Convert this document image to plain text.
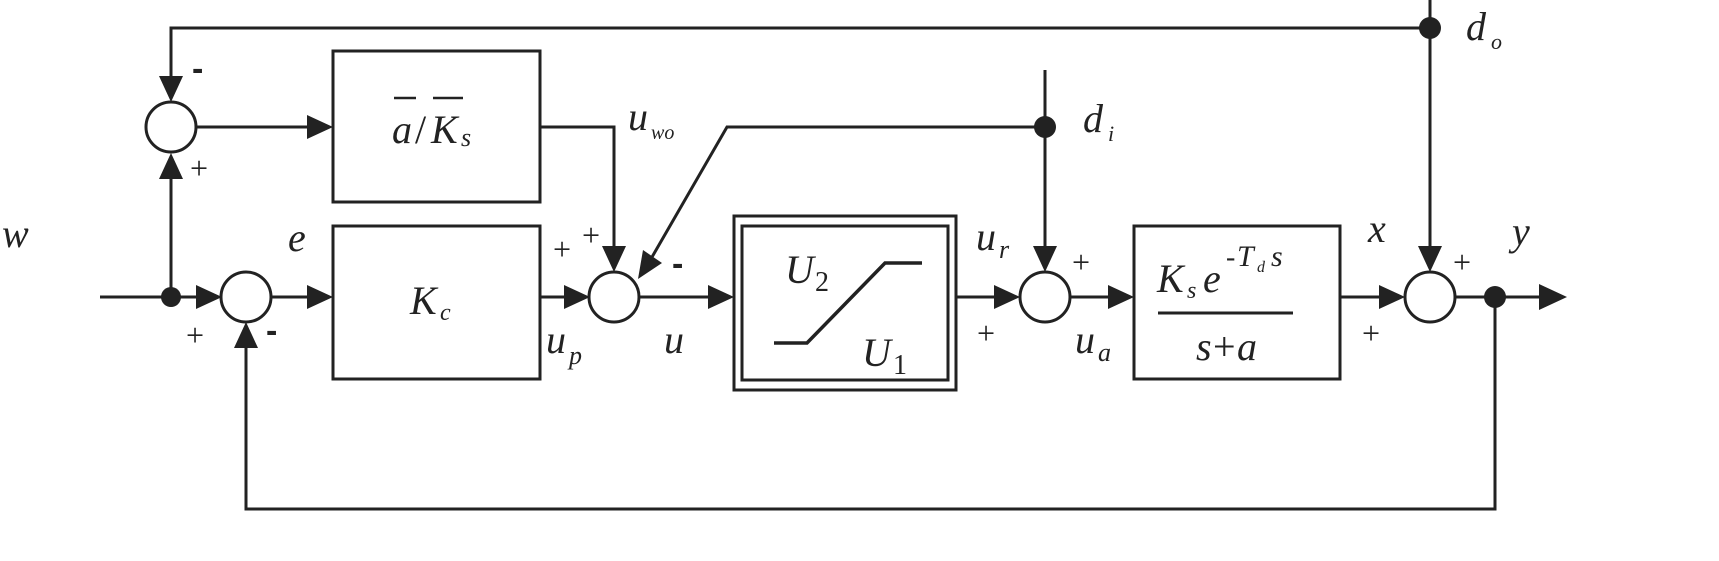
a / K s
K c
U 2
U 1
K s e - T d s
s + a
w	e
u wo
u p u
u r
u a
x	y
d i
d o
-
+
+ -
+ +
-	+
+
+
+
